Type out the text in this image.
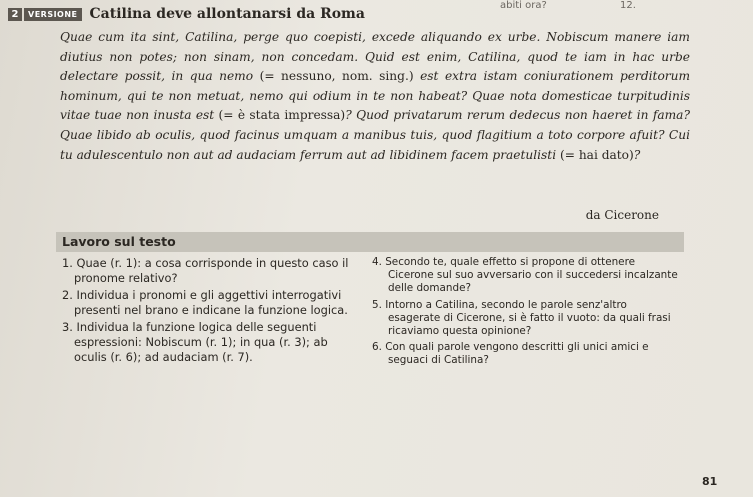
abiti ora?	12.
2	VERSIONE Catilina deve allontanarsi da Roma
Quae cum ita sint, Catilina, perge quo coepisti, excede aliquando ex urbe. Nobiscum manere iam diutius non potes; non sinam, non concedam. Quid est enim, Catilina, quod te iam in hac urbe delectare possit, in qua nemo (= nessuno, nom. sing.) est extra istam coniurationem perditorum hominum, qui te non metuat, nemo qui odium in te non habeat? Quae nota domesticae turpitudinis vitae tuae non inusta est (= è stata impressa)? Quod privatarum rerum dedecus non haeret in fama? Quae libido ab oculis, quod facinus umquam a manibus tuis, quod flagitium a toto corpore afuit? Cui tu adulescentulo non aut ad audaciam ferrum aut ad libidinem facem praetulisti (= hai dato)?
da Cicerone
Lavoro sul testo

1. Quae (r. 1): a cosa corrisponde in questo caso il pronome relativo?

2. Individua i pronomi e gli aggettivi interrogativi presenti nel brano e indicane la funzione logica.

3. Individua la funzione logica delle seguenti espressioni: Nobiscum (r. 1); in qua (r. 3); ab oculis (r. 6); ad audaciam (r. 7).

4. Secondo te, quale effetto si propone di ottenere Cicerone sul suo avversario con il succedersi incalzante delle domande?

5. Intorno a Catilina, secondo le parole senz'altro esagerate di Cicerone, si è fatto il vuoto: da quali frasi ricaviamo questa opinione?

6. Con quali parole vengono descritti gli unici amici e seguaci di Catilina?

81
